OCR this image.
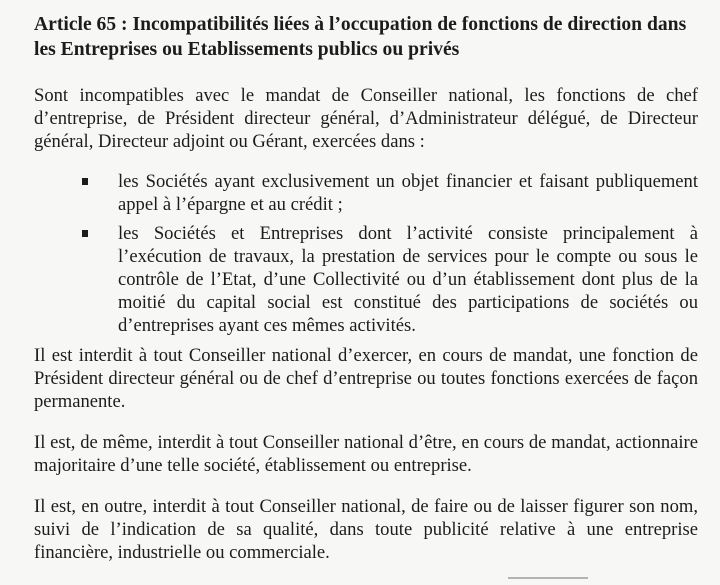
Article 65 : Incompatibilités liées à l’occupation de fonctions de direction dans les Entreprises ou Etablissements publics ou privés

Sont incompatibles avec le mandat de Conseiller national, les fonctions de chef d’entreprise, de Président directeur général, d’Administrateur délégué, de Directeur général, Directeur adjoint ou Gérant, exercées dans :

les Sociétés ayant exclusivement un objet financier et faisant publiquement appel à l’épargne et au crédit ;
les Sociétés et Entreprises dont l’activité consiste principalement à l’exécution de travaux, la prestation de services pour le compte ou sous le contrôle de l’Etat, d’une Collectivité ou d’un établissement dont plus de la moitié du capital social est constitué des participations de sociétés ou d’entreprises ayant ces mêmes activités.

Il est interdit à tout Conseiller national d’exercer, en cours de mandat, une fonction de Président directeur général ou de chef d’entreprise ou toutes fonctions exercées de façon permanente.

Il est, de même, interdit à tout Conseiller national d’être, en cours de mandat, actionnaire majoritaire d’une telle société, établissement ou entreprise.

Il est, en outre, interdit à tout Conseiller national, de faire ou de laisser figurer son nom, suivi de l’indication de sa qualité, dans toute publicité relative à une entreprise financière, industrielle ou commerciale.
